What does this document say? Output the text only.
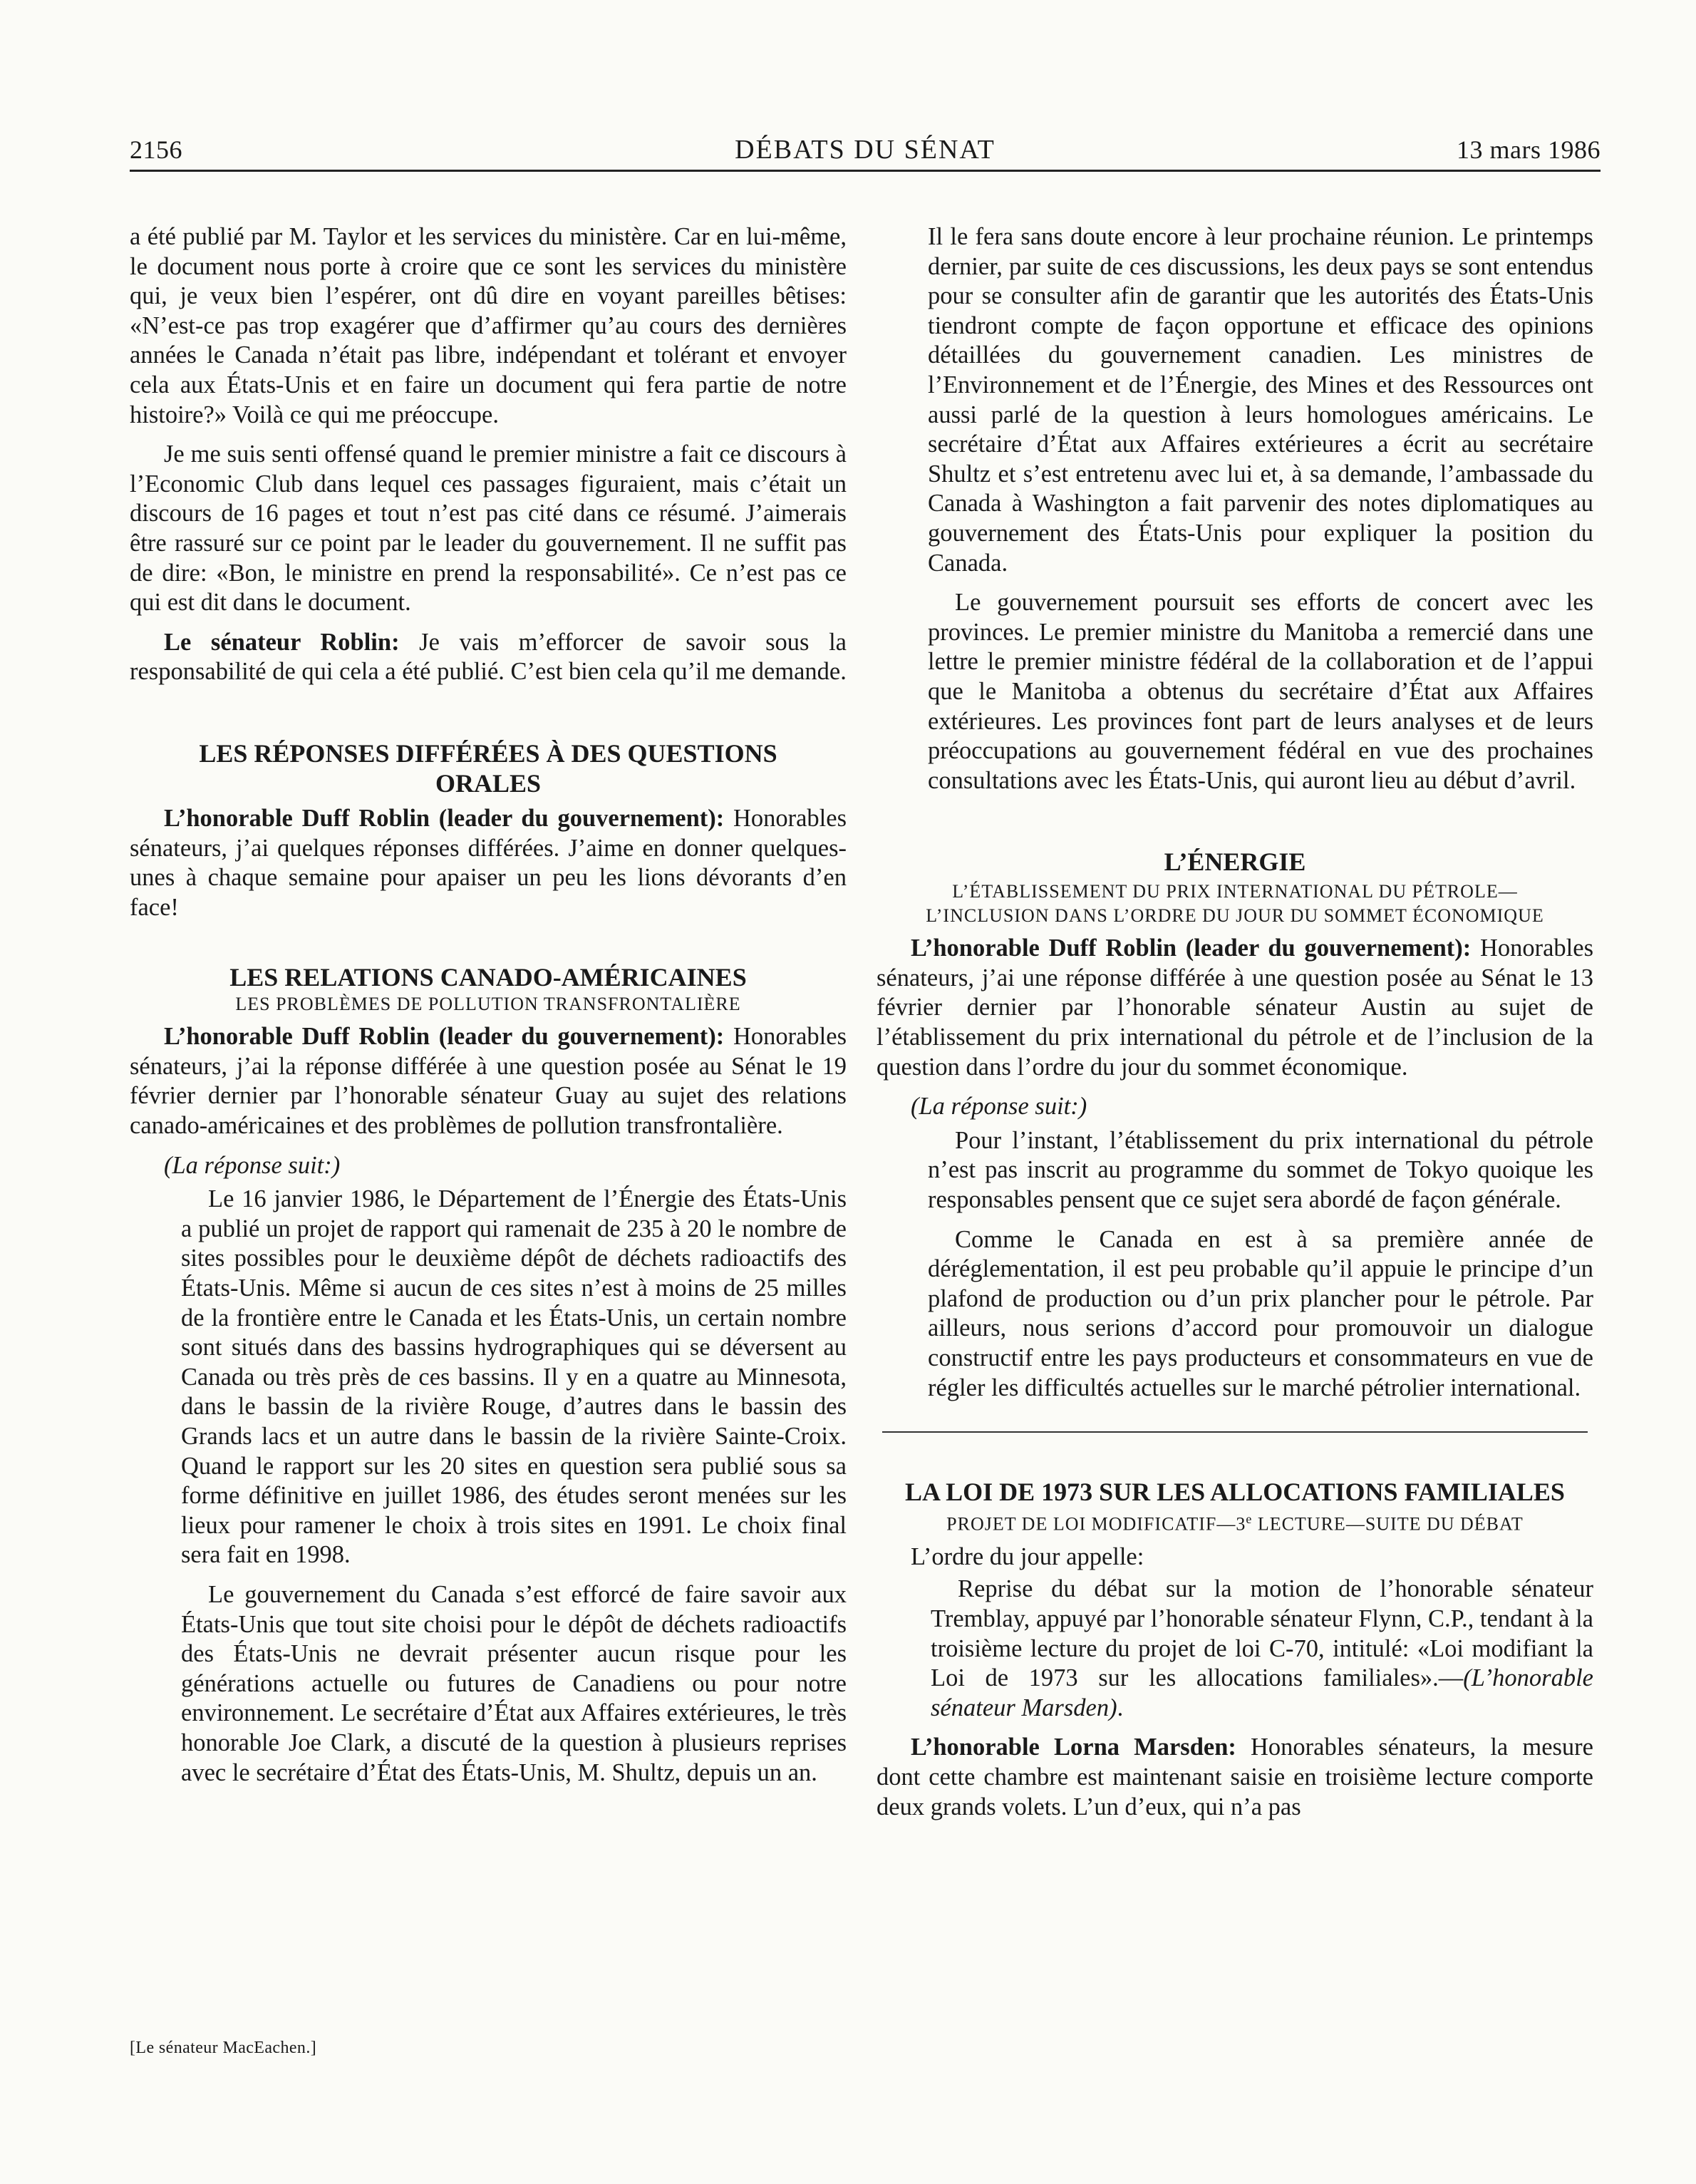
2156	DÉBATS DU SÉNAT	13 mars 1986

a été publié par M. Taylor et les services du ministère. Car en lui-même, le document nous porte à croire que ce sont les services du ministère qui, je veux bien l’espérer, ont dû dire en voyant pareilles bêtises: «N’est-ce pas trop exagérer que d’affirmer qu’au cours des dernières années le Canada n’était pas libre, indépendant et tolérant et envoyer cela aux États-Unis et en faire un document qui fera partie de notre histoire?» Voilà ce qui me préoccupe.

Je me suis senti offensé quand le premier ministre a fait ce discours à l’Economic Club dans lequel ces passages figuraient, mais c’était un discours de 16 pages et tout n’est pas cité dans ce résumé. J’aimerais être rassuré sur ce point par le leader du gouvernement. Il ne suffit pas de dire: «Bon, le ministre en prend la responsabilité». Ce n’est pas ce qui est dit dans le document.

Le sénateur Roblin: Je vais m’efforcer de savoir sous la responsabilité de qui cela a été publié. C’est bien cela qu’il me demande.

LES RÉPONSES DIFFÉRÉES À DES QUESTIONS ORALES

L’honorable Duff Roblin (leader du gouvernement): Honorables sénateurs, j’ai quelques réponses différées. J’aime en donner quelques-unes à chaque semaine pour apaiser un peu les lions dévorants d’en face!

LES RELATIONS CANADO-AMÉRICAINES
LES PROBLÈMES DE POLLUTION TRANSFRONTALIÈRE

L’honorable Duff Roblin (leader du gouvernement): Honorables sénateurs, j’ai la réponse différée à une question posée au Sénat le 19 février dernier par l’honorable sénateur Guay au sujet des relations canado-américaines et des problèmes de pollution transfrontalière.

(La réponse suit:)

Le 16 janvier 1986, le Département de l’Énergie des États-Unis a publié un projet de rapport qui ramenait de 235 à 20 le nombre de sites possibles pour le deuxième dépôt de déchets radioactifs des États-Unis. Même si aucun de ces sites n’est à moins de 25 milles de la frontière entre le Canada et les États-Unis, un certain nombre sont situés dans des bassins hydrographiques qui se déversent au Canada ou très près de ces bassins. Il y en a quatre au Minnesota, dans le bassin de la rivière Rouge, d’autres dans le bassin des Grands lacs et un autre dans le bassin de la rivière Sainte-Croix. Quand le rapport sur les 20 sites en question sera publié sous sa forme définitive en juillet 1986, des études seront menées sur les lieux pour ramener le choix à trois sites en 1991. Le choix final sera fait en 1998.

Le gouvernement du Canada s’est efforcé de faire savoir aux États-Unis que tout site choisi pour le dépôt de déchets radioactifs des États-Unis ne devrait présenter aucun risque pour les générations actuelle ou futures de Canadiens ou pour notre environnement. Le secrétaire d’État aux Affaires extérieures, le très honorable Joe Clark, a discuté de la question à plusieurs reprises avec le secrétaire d’État des États-Unis, M. Shultz, depuis un an.

Il le fera sans doute encore à leur prochaine réunion. Le printemps dernier, par suite de ces discussions, les deux pays se sont entendus pour se consulter afin de garantir que les autorités des États-Unis tiendront compte de façon opportune et efficace des opinions détaillées du gouvernement canadien. Les ministres de l’Environnement et de l’Énergie, des Mines et des Ressources ont aussi parlé de la question à leurs homologues américains. Le secrétaire d’État aux Affaires extérieures a écrit au secrétaire Shultz et s’est entretenu avec lui et, à sa demande, l’ambassade du Canada à Washington a fait parvenir des notes diplomatiques au gouvernement des États-Unis pour expliquer la position du Canada.

Le gouvernement poursuit ses efforts de concert avec les provinces. Le premier ministre du Manitoba a remercié dans une lettre le premier ministre fédéral de la collaboration et de l’appui que le Manitoba a obtenus du secrétaire d’État aux Affaires extérieures. Les provinces font part de leurs analyses et de leurs préoccupations au gouvernement fédéral en vue des prochaines consultations avec les États-Unis, qui auront lieu au début d’avril.

L’ÉNERGIE
L’ÉTABLISSEMENT DU PRIX INTERNATIONAL DU PÉTROLE—L’INCLUSION DANS L’ORDRE DU JOUR DU SOMMET ÉCONOMIQUE

L’honorable Duff Roblin (leader du gouvernement): Honorables sénateurs, j’ai une réponse différée à une question posée au Sénat le 13 février dernier par l’honorable sénateur Austin au sujet de l’établissement du prix international du pétrole et de l’inclusion de la question dans l’ordre du jour du sommet économique.

(La réponse suit:)

Pour l’instant, l’établissement du prix international du pétrole n’est pas inscrit au programme du sommet de Tokyo quoique les responsables pensent que ce sujet sera abordé de façon générale.

Comme le Canada en est à sa première année de déréglementation, il est peu probable qu’il appuie le principe d’un plafond de production ou d’un prix plancher pour le pétrole. Par ailleurs, nous serions d’accord pour promouvoir un dialogue constructif entre les pays producteurs et consommateurs en vue de régler les difficultés actuelles sur le marché pétrolier international.

LA LOI DE 1973 SUR LES ALLOCATIONS FAMILIALES
PROJET DE LOI MODIFICATIF—3e LECTURE—SUITE DU DÉBAT

L’ordre du jour appelle:

Reprise du débat sur la motion de l’honorable sénateur Tremblay, appuyé par l’honorable sénateur Flynn, C.P., tendant à la troisième lecture du projet de loi C-70, intitulé: «Loi modifiant la Loi de 1973 sur les allocations familiales».—(L’honorable sénateur Marsden).

L’honorable Lorna Marsden: Honorables sénateurs, la mesure dont cette chambre est maintenant saisie en troisième lecture comporte deux grands volets. L’un d’eux, qui n’a pas

[Le sénateur MacEachen.]
